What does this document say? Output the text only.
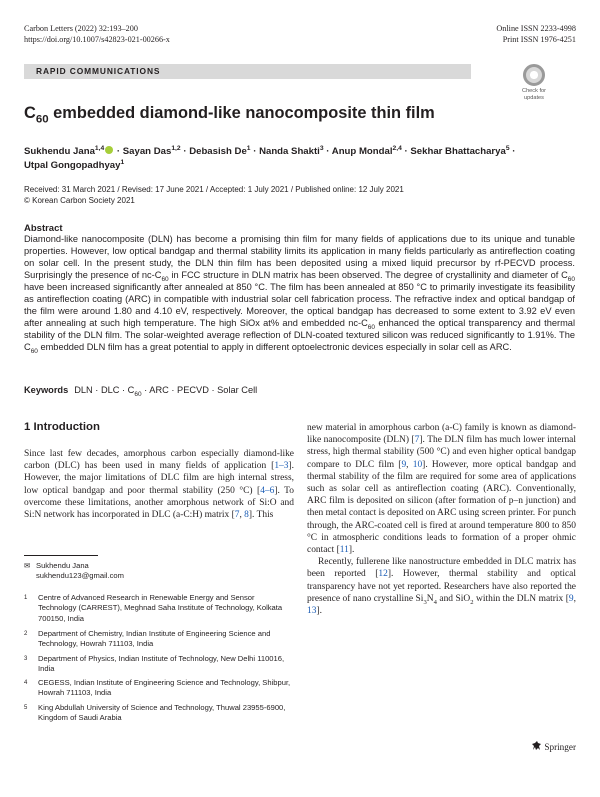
Carbon Letters (2022) 32:193–200
https://doi.org/10.1007/s42823-021-00266-x
Online ISSN 2233-4998
Print ISSN 1976-4251
RAPID COMMUNICATIONS
Check for
updates
$C_{60}$ embedded diamond-like nanocomposite thin film
Sukhendu Jana$^{1,4}$ · Sayan Das$^{1,2}$ · Debasish $De^1$ · Nanda Shakti$^3$ · Anup Mondal$^{2,4}$ · Sekhar Bhattacharya$^5$ ·
Utpal Gongopadhyay$^1$
Received: 31 March 2021 / Revised: 17 June 2021 / Accepted: 1 July 2021 / Published online: 12 July 2021
© Korean Carbon Society 2021
Abstract
Diamond-like nanocomposite (DLN) has become a promising thin film for many fields of applications due to its unique and tunable properties. However, low optical bandgap and thermal stability limits its application in many fields particularly as antireflection coating on solar cell. In the present study, the DLN thin film has been deposited using a mixed liquid precursor by rf-PECVD process. Surprisingly the presence of $nc-C_{60}$ in FCC structure in DLN matrix has been observed. The degree of crystallinity and diameter of $C_{60}$ have been increased significantly after annealed at 850 °C. The film has been annealed at 850 °C to primarily investigate its feasibility as antireflection coating (ARC) in compatible with industrial solar cell fabrication process. The refractive index and optical bandgap of the film were around 1.80 and 4.10 eV, respectively. Moreover, the optical bandgap has decreased to some extent to 3.92 eV even after annealing at such high temperature. The high SiOx at% and embedded $nc-C_{60}$ enhanced the optical transparency and thermal stability of the DLN film. The solar-weighted average reflection of DLN-coated textured silicon was reduced significantly to 1.91%. The $C_{60}$ embedded DLN film has a great potential to apply in different optoelectronic devices especially in solar cell as ARC.
Keywords DLN · DLC · $C_{60}$ · ARC · PECVD · Solar Cell
1 Introduction

Since last few decades, amorphous carbon especially diamond-like carbon (DLC) has been used in many fields of application [1–3]. However, the major limitations of DLC film are high internal stress, low optical bandgap and poor thermal stability (250 °C) [4–6]. To overcome these limitations, another amorphous network of Si:O and Si:N network has incorporated in DLC (a-C:H) matrix [7, 8]. This

new material in amorphous carbon (a-C) family is known as diamond-like nanocomposite (DLN) [7]. The DLN film has much lower internal stress, high thermal stability (500 °C) and even higher optical bandgap compare to DLC film [9, 10]. However, more optical bandgap and thermal stability of the film are required for some area of applications such as solar cell as antireflection coating (ARC). Conventionally, ARC film is deposited on silicon (after formation of p–n junction) and then metal contact is deposited on ARC using screen printer. For punch through, the ARC-coated cell is fired at around temperature 800 to 850 °C in atmospheric conditions leads to formation of a proper ohmic contact [11].

Recently, fullerene like nanostructure embedded in DLC matrix has been reported [12]. However, thermal stability and optical transparency have not yet reported. Researchers have also reported the presence of nano crystalline $Si_3N_4$ and SiO$_2$ within the DLN matrix [9, 13].

✉ Sukhendu Jana
sukhendu123@gmail.com
1 Centre of Advanced Research in Renewable Energy and Sensor Technology (CARREST), Meghnad Saha Institute of Technology, Kolkata 700150, India
2 Department of Chemistry, Indian Institute of Engineering Science and Technology, Howrah 711103, India
3 Department of Physics, Indian Institute of Technology, New Delhi 110016, India
4 CEGESS, Indian Institute of Engineering Science and Technology, Shibpur, Howrah 711103, India
5 King Abdullah University of Science and Technology, Thuwal 23955-6900, Kingdom of Saudi Arabia
Springer
